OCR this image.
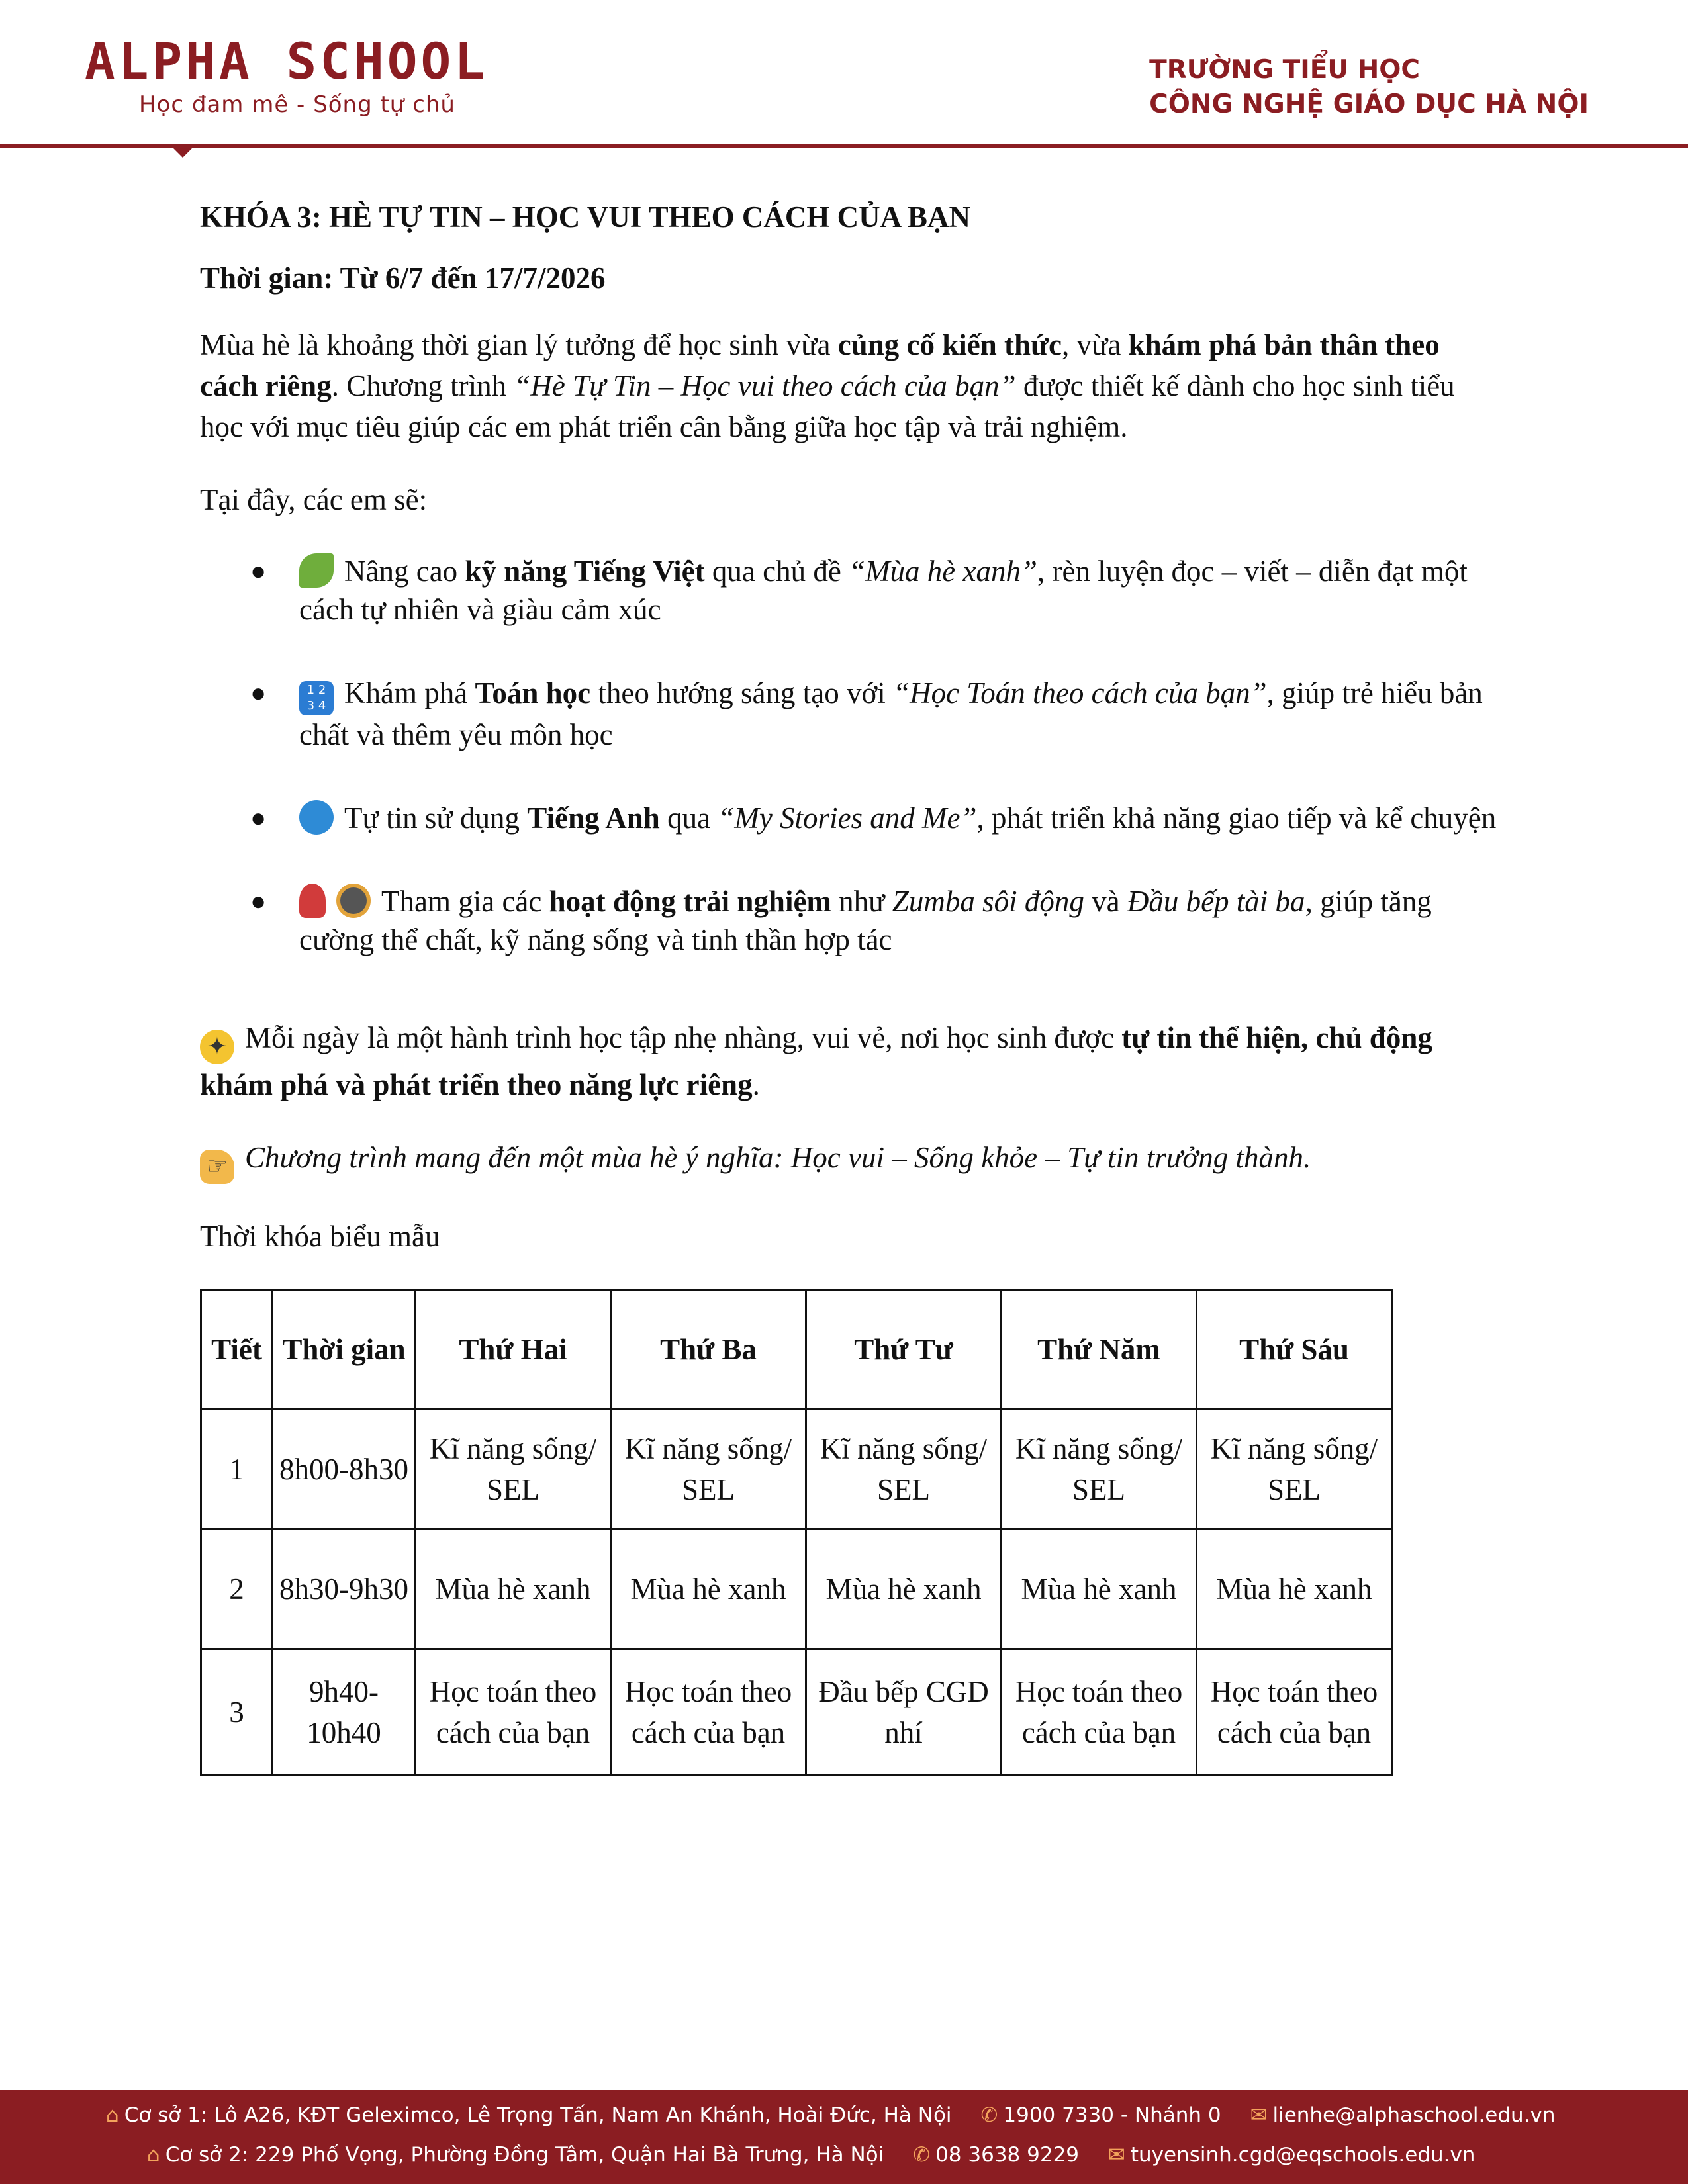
ALPHA SCHOOL
Học đam mê - Sống tự chủ
TRƯỜNG TIỂU HỌC
CÔNG NGHỆ GIÁO DỤC HÀ NỘI
KHÓA 3: HÈ TỰ TIN – HỌC VUI THEO CÁCH CỦA BẠN
Thời gian: Từ 6/7 đến 17/7/2026

Mùa hè là khoảng thời gian lý tưởng để học sinh vừa củng cố kiến thức, vừa khám phá bản thân theo cách riêng. Chương trình “Hè Tự Tin – Học vui theo cách của bạn” được thiết kế dành cho học sinh tiểu học với mục tiêu giúp các em phát triển cân bằng giữa học tập và trải nghiệm.

Tại đây, các em sẽ:

●	Nâng cao kỹ năng Tiếng Việt qua chủ đề “Mùa hè xanh”, rèn luyện đọc – viết – diễn đạt một cách tự nhiên và giàu cảm xúc
●	1 2
3 4 Khám phá Toán học theo hướng sáng tạo với “Học Toán theo cách của bạn”, giúp trẻ hiểu bản chất và thêm yêu môn học
●	Tự tin sử dụng Tiếng Anh qua “My Stories and Me”, phát triển khả năng giao tiếp và kể chuyện
●	Tham gia các hoạt động trải nghiệm như Zumba sôi động và Đầu bếp tài ba, giúp tăng cường thể chất, kỹ năng sống và tinh thần hợp tác

✦ Mỗi ngày là một hành trình học tập nhẹ nhàng, vui vẻ, nơi học sinh được tự tin thể hiện, chủ động khám phá và phát triển theo năng lực riêng.

☞ Chương trình mang đến một mùa hè ý nghĩa: Học vui – Sống khỏe – Tự tin trưởng thành.

Thời khóa biểu mẫu

Tiết	Thời gian	Thứ Hai	Thứ Ba	Thứ Tư	Thứ Năm	Thứ Sáu
1	8h00-8h30	Kĩ năng sống/ SEL	Kĩ năng sống/ SEL	Kĩ năng sống/ SEL	Kĩ năng sống/ SEL	Kĩ năng sống/ SEL
2	8h30-9h30	Mùa hè xanh	Mùa hè xanh	Mùa hè xanh	Mùa hè xanh	Mùa hè xanh
3	9h40-10h40	Học toán theo cách của bạn	Học toán theo cách của bạn	Đầu bếp CGD nhí	Học toán theo cách của bạn	Học toán theo cách của bạn
⌂ Cơ sở 1: Lô A26, KĐT Geleximco, Lê Trọng Tấn, Nam An Khánh, Hoài Đức, Hà Nội ✆ 1900 7330 - Nhánh 0 ✉ lienhe@alphaschool.edu.vn
⌂ Cơ sở 2: 229 Phố Vọng, Phường Đồng Tâm, Quận Hai Bà Trưng, Hà Nội ✆ 08 3638 9229 ✉ tuyensinh.cgd@eqschools.edu.vn
